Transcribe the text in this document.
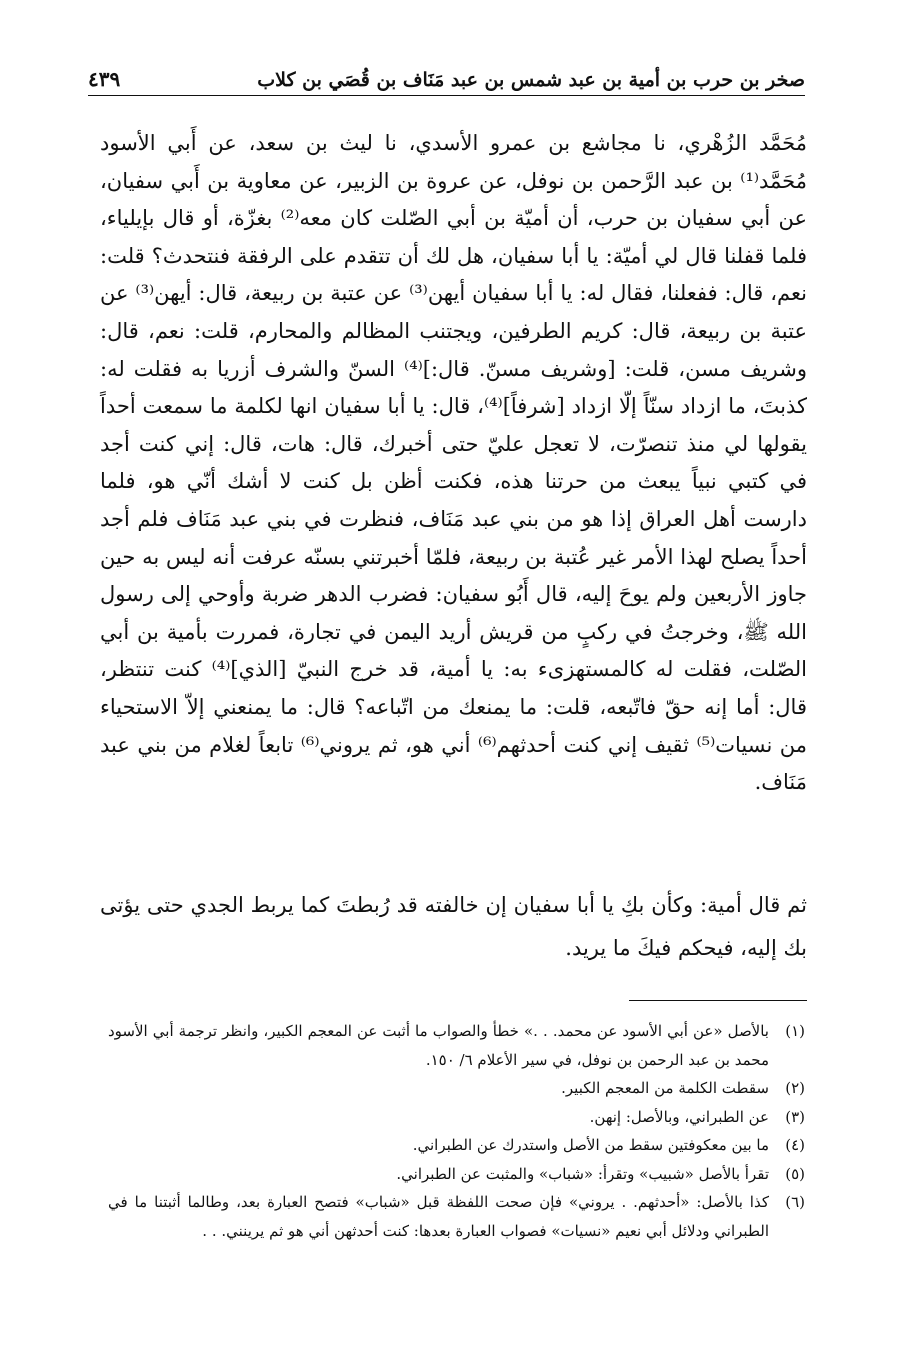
صخر بن حرب بن أمية بن عبد شمس بن عبد مَنَاف بن قُصَي بن كلاب
٤٣٩

مُحَمَّد الزُهْري، نا مجاشع بن عمرو الأسدي، نا ليث بن سعد، عن أَبي الأسود مُحَمَّد⁽¹⁾ بن عبد الرَّحمن بن نوفل، عن عروة بن الزبير، عن معاوية بن أَبي سفيان، عن أبي سفيان بن حرب، أن أميّة بن أبي الصّلت كان معه⁽²⁾ بغزّة، أو قال بإيلياء، فلما قفلنا قال لي أميّة: يا أبا سفيان، هل لك أن تتقدم على الرفقة فنتحدث؟ قلت: نعم، قال: ففعلنا، فقال له: يا أبا سفيان أيهن⁽³⁾ عن عتبة بن ربيعة، قال: أيهن⁽³⁾ عن عتبة بن ربيعة، قال: كريم الطرفين، ويجتنب المظالم والمحارم، قلت: نعم، قال: وشريف مسن، قلت: [وشريف مسنّ. قال:]⁽⁴⁾ السنّ والشرف أزريا به فقلت له: كذبتَ، ما ازداد سنّاً إلّا ازداد [شرفاً]⁽⁴⁾، قال: يا أبا سفيان انها لكلمة ما سمعت أحداً يقولها لي منذ تنصرّت، لا تعجل عليّ حتى أخبرك، قال: هات، قال: إني كنت أجد في كتبي نبياً يبعث من حرتنا هذه، فكنت أظن بل كنت لا أشك أنّي هو، فلما دارست أهل العراق إذا هو من بني عبد مَنَاف، فنظرت في بني عبد مَنَاف فلم أجد أحداً يصلح لهذا الأمر غير عُتبة بن ربيعة، فلمّا أخبرتني بسنّه عرفت أنه ليس به حين جاوز الأربعين ولم يوحَ إليه، قال أَبُو سفيان: فضرب الدهر ضربة وأوحي إلى رسول الله ﷺ، وخرجتُ في ركبٍ من قريش أريد اليمن في تجارة، فمررت بأمية بن أبي الصّلت، فقلت له كالمستهزىء به: يا أمية، قد خرج النبيّ [الذي]⁽⁴⁾ كنت تنتظر، قال: أما إنه حقّ فاتّبعه، قلت: ما يمنعك من اتّباعه؟ قال: ما يمنعني إلاّ الاستحياء من نسيات⁽⁵⁾ ثقيف إني كنت أحدثهم⁽⁶⁾ أني هو، ثم يروني⁽⁶⁾ تابعاً لغلام من بني عبد مَنَاف.

ثم قال أمية: وكأن بكِ يا أبا سفيان إن خالفته قد رُبطتَ كما يربط الجدي حتى يؤتى بك إليه، فيحكم فيكَ ما يريد.

(١)
بالأصل «عن أبي الأسود عن محمد. . .» خطأ والصواب ما أثبت عن المعجم الكبير، وانظر ترجمة أبي الأسود محمد بن عبد الرحمن بن نوفل، في سير الأعلام ٦/ ١٥٠.
(٢)
سقطت الكلمة من المعجم الكبير.
(٣)
عن الطبراني، وبالأصل: إنهن.
(٤)
ما بين معكوفتين سقط من الأصل واستدرك عن الطبراني.
(٥)
تقرأ بالأصل «شبيب» وتقرأ: «شباب» والمثبت عن الطبراني.
(٦)
كذا بالأصل: «أحدثهم. . يروني» فإن صحت اللفظة قبل «شباب» فتصح العبارة بعد، وطالما أثبتنا ما في الطبراني ودلائل أبي نعيم «نسيات» فصواب العبارة بعدها: كنت أحدثهن أني هو ثم يرينني. . .
